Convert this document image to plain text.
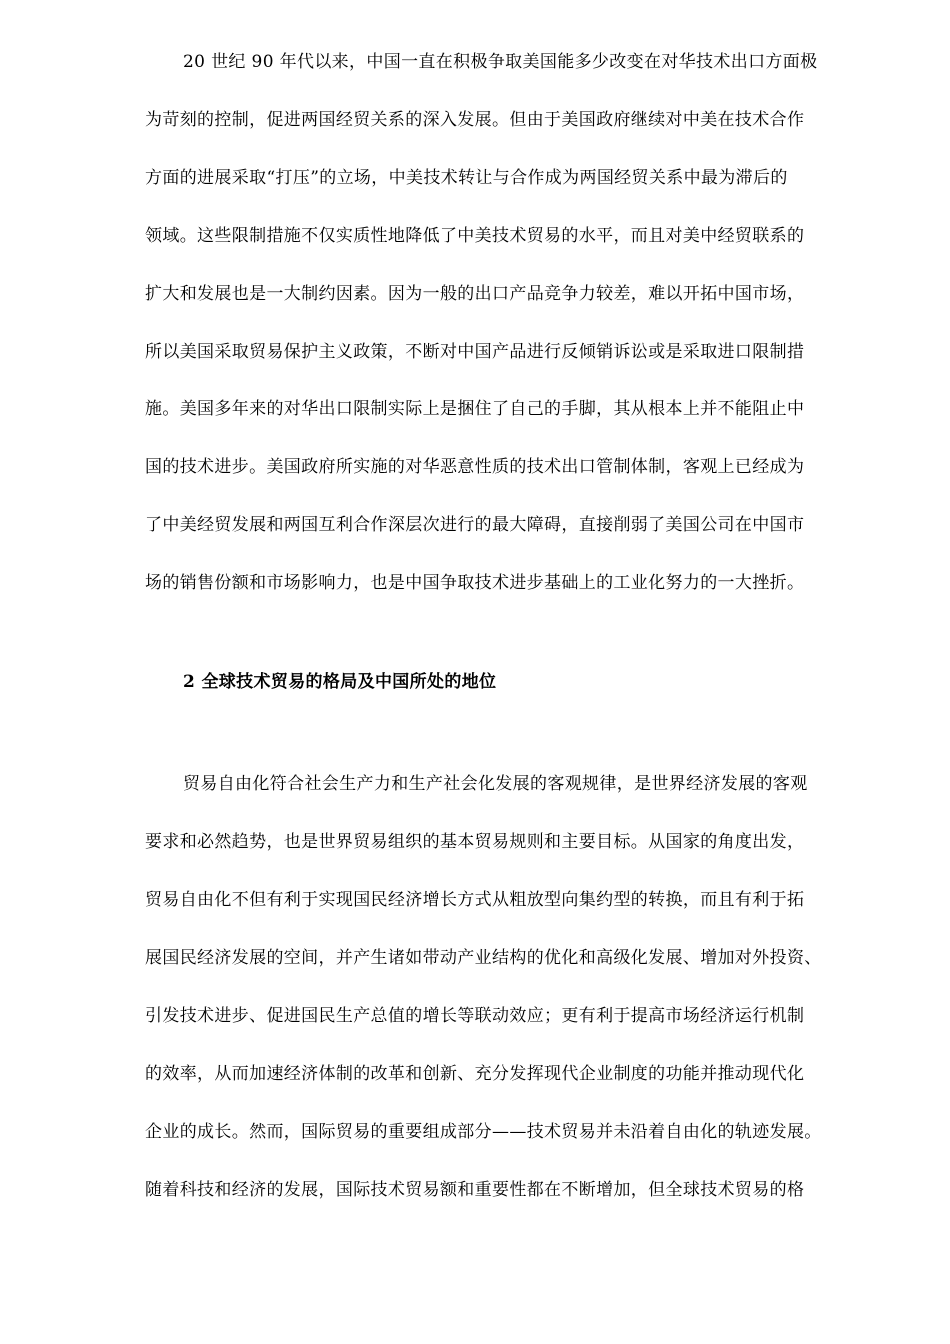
20 世纪 90 年代以来，中国一直在积极争取美国能多少改变在对华技术出口方面极
为苛刻的控制，促进两国经贸关系的深入发展。但由于美国政府继续对中美在技术合作
方面的进展采取“打压”的立场，中美技术转让与合作成为两国经贸关系中最为滞后的
领域。这些限制措施不仅实质性地降低了中美技术贸易的水平，而且对美中经贸联系的
扩大和发展也是一大制约因素。因为一般的出口产品竞争力较差，难以开拓中国市场，
所以美国采取贸易保护主义政策，不断对中国产品进行反倾销诉讼或是采取进口限制措
施。美国多年来的对华出口限制实际上是捆住了自己的手脚，其从根本上并不能阻止中
国的技术进步。美国政府所实施的对华恶意性质的技术出口管制体制，客观上已经成为
了中美经贸发展和两国互利合作深层次进行的最大障碍，直接削弱了美国公司在中国市
场的销售份额和市场影响力，也是中国争取技术进步基础上的工业化努力的一大挫折。
2 全球技术贸易的格局及中国所处的地位
贸易自由化符合社会生产力和生产社会化发展的客观规律，是世界经济发展的客观
要求和必然趋势，也是世界贸易组织的基本贸易规则和主要目标。从国家的角度出发，
贸易自由化不但有利于实现国民经济增长方式从粗放型向集约型的转换，而且有利于拓
展国民经济发展的空间，并产生诸如带动产业结构的优化和高级化发展、增加对外投资、
引发技术进步、促进国民生产总值的增长等联动效应；更有利于提高市场经济运行机制
的效率，从而加速经济体制的改革和创新、充分发挥现代企业制度的功能并推动现代化
企业的成长。然而，国际贸易的重要组成部分——技术贸易并未沿着自由化的轨迹发展。
随着科技和经济的发展，国际技术贸易额和重要性都在不断增加，但全球技术贸易的格
